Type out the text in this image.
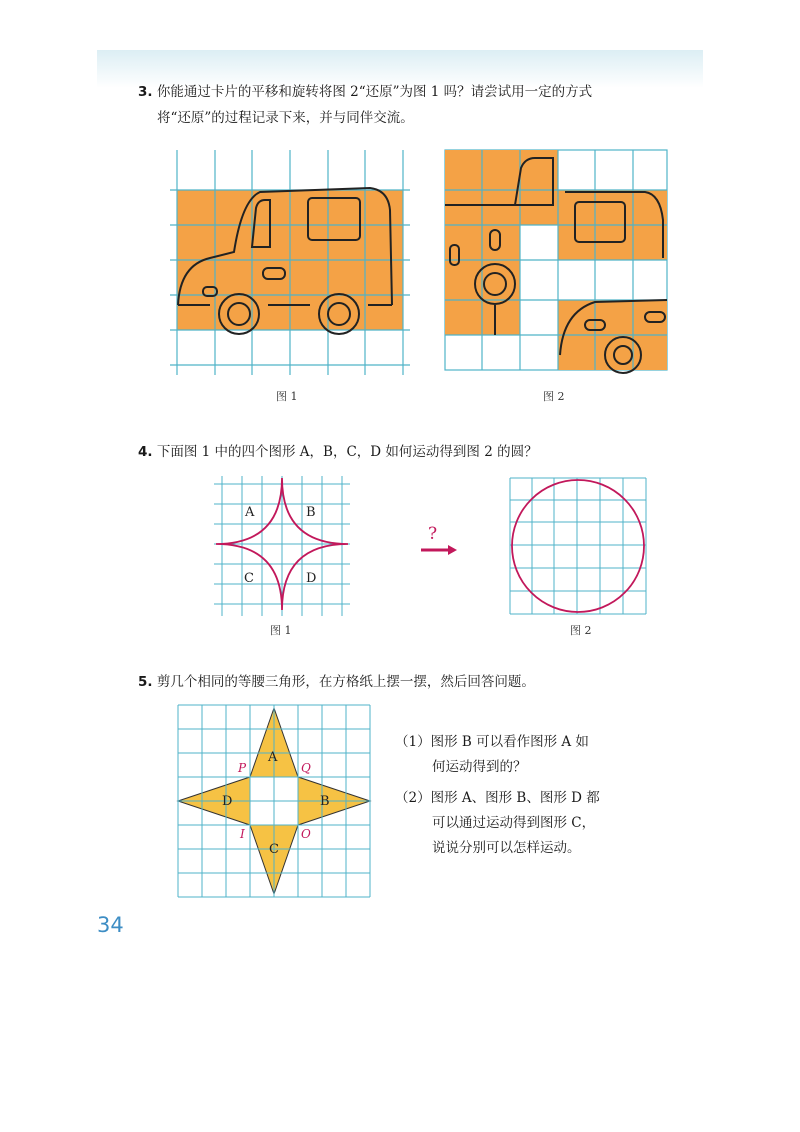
3. 你能通过卡片的平移和旋转将图 2“还原”为图 1 吗？请尝试用一定的方式
将“还原”的过程记录下来，并与同伴交流。
图 1	图 2
4. 下面图 1 中的四个图形 A，B，C，D 如何运动得到图 2 的圆？
A	B
C	D
图 1
?
图 2
5. 剪几个相同的等腰三角形，在方格纸上摆一摆，然后回答问题。
A
B
C
D
P	Q
O
I
（1）图形 B 可以看作图形 A 如
何运动得到的？
（2）图形 A、图形 B、图形 D 都
可以通过运动得到图形 C，
说说分别可以怎样运动。
34
